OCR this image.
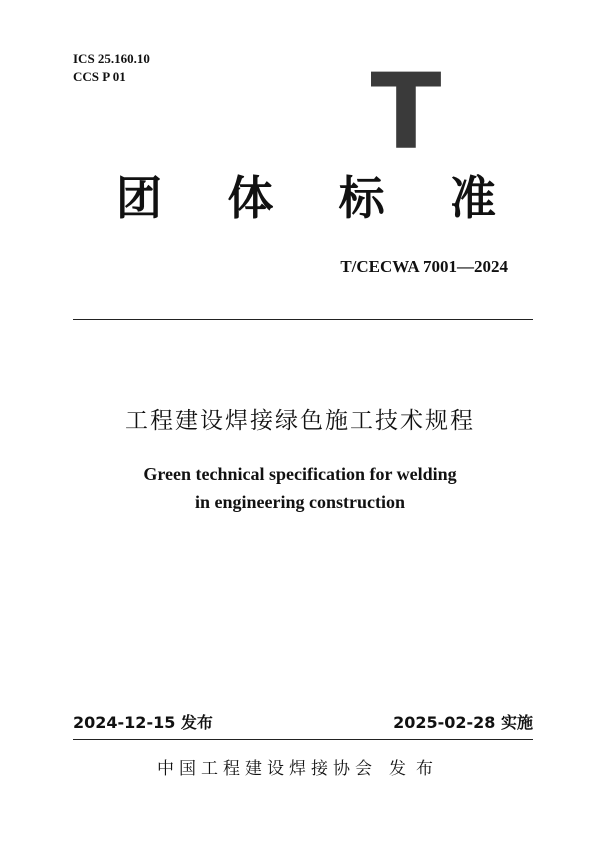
ICS 25.160.10
CCS P 01 T
团 体 标 准
T/CECWA 7001—2024
工程建设焊接绿色施工技术规程
Green technical specification for welding
in engineering construction
2024-12-15 发布	2025-02-28 实施
中国工程建设焊接协会 发布
